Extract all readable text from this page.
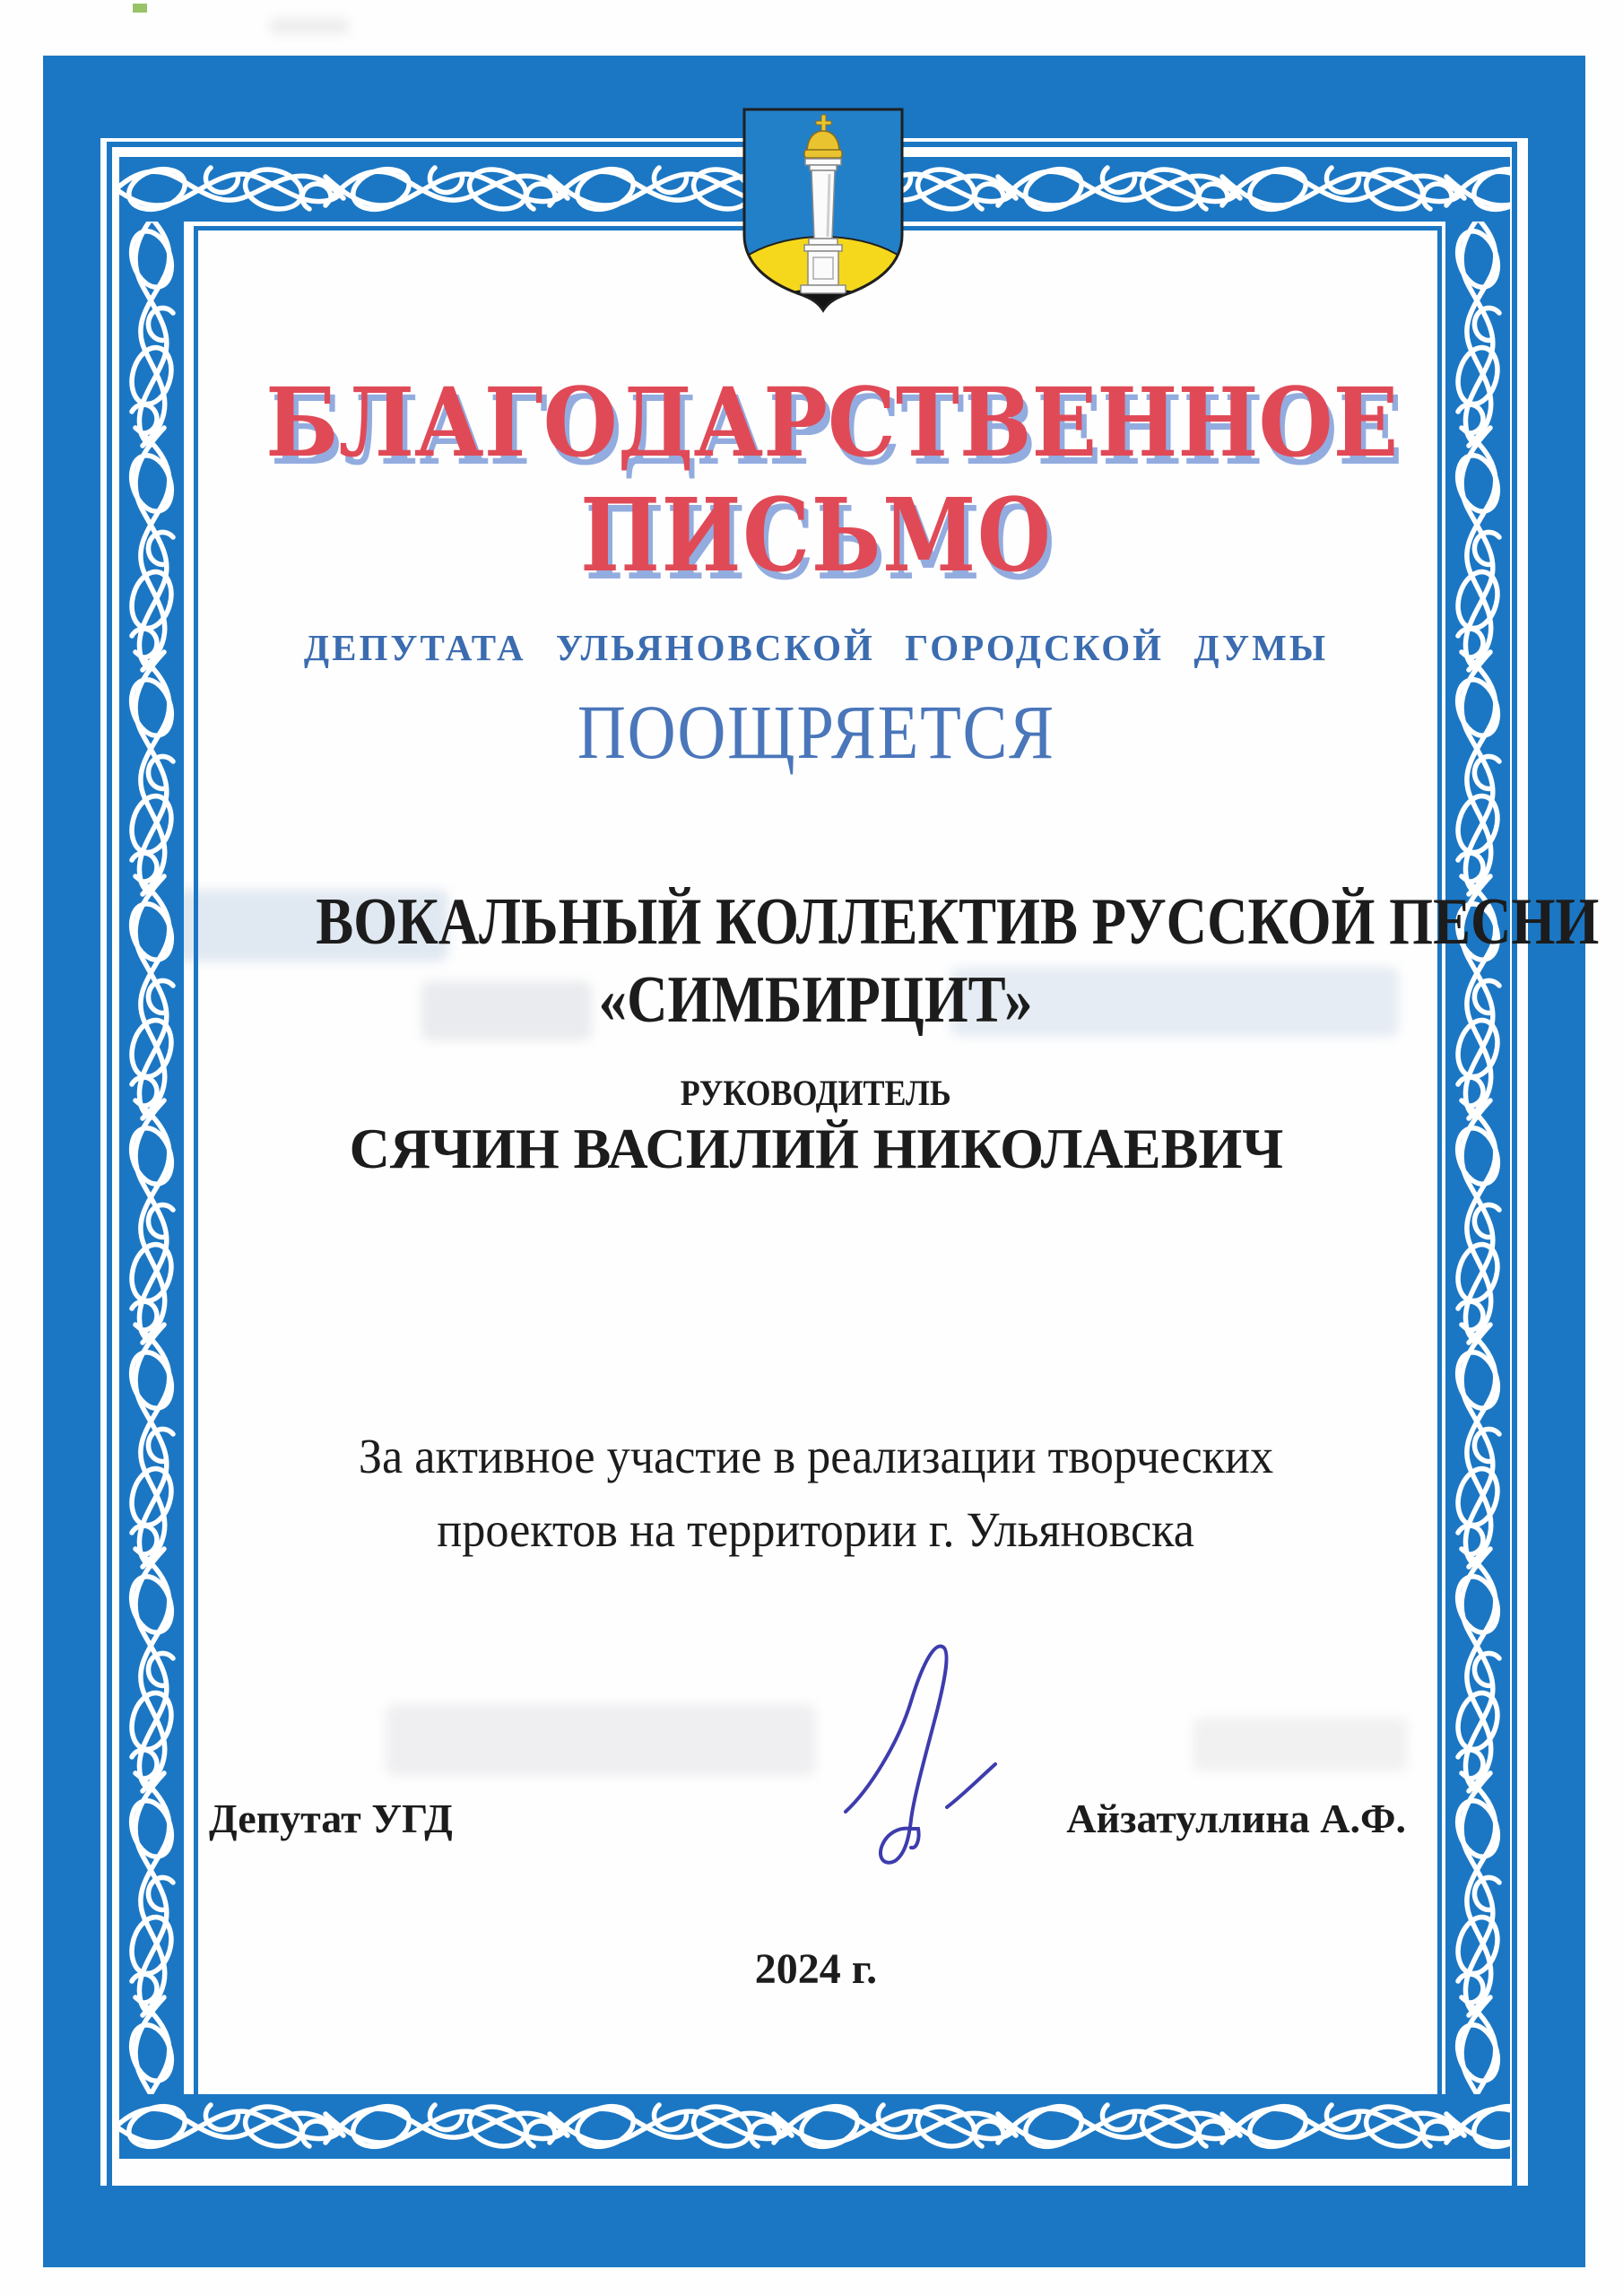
БЛАГОДАРСТВЕННОЕ
ПИСЬМО
ДЕПУТАТА УЛЬЯНОВСКОЙ ГОРОДСКОЙ ДУМЫ
ПООЩРЯЕТСЯ
ВОКАЛЬНЫЙ КОЛЛЕКТИВ РУССКОЙ ПЕСНИ
«СИМБИРЦИТ»
РУКОВОДИТЕЛЬ
СЯЧИН ВАСИЛИЙ НИКОЛАЕВИЧ
За активное участие в реализации творческих
проектов на территории г. Ульяновска
Депутат УГД	Айзатуллина А.Ф.
2024 г.
